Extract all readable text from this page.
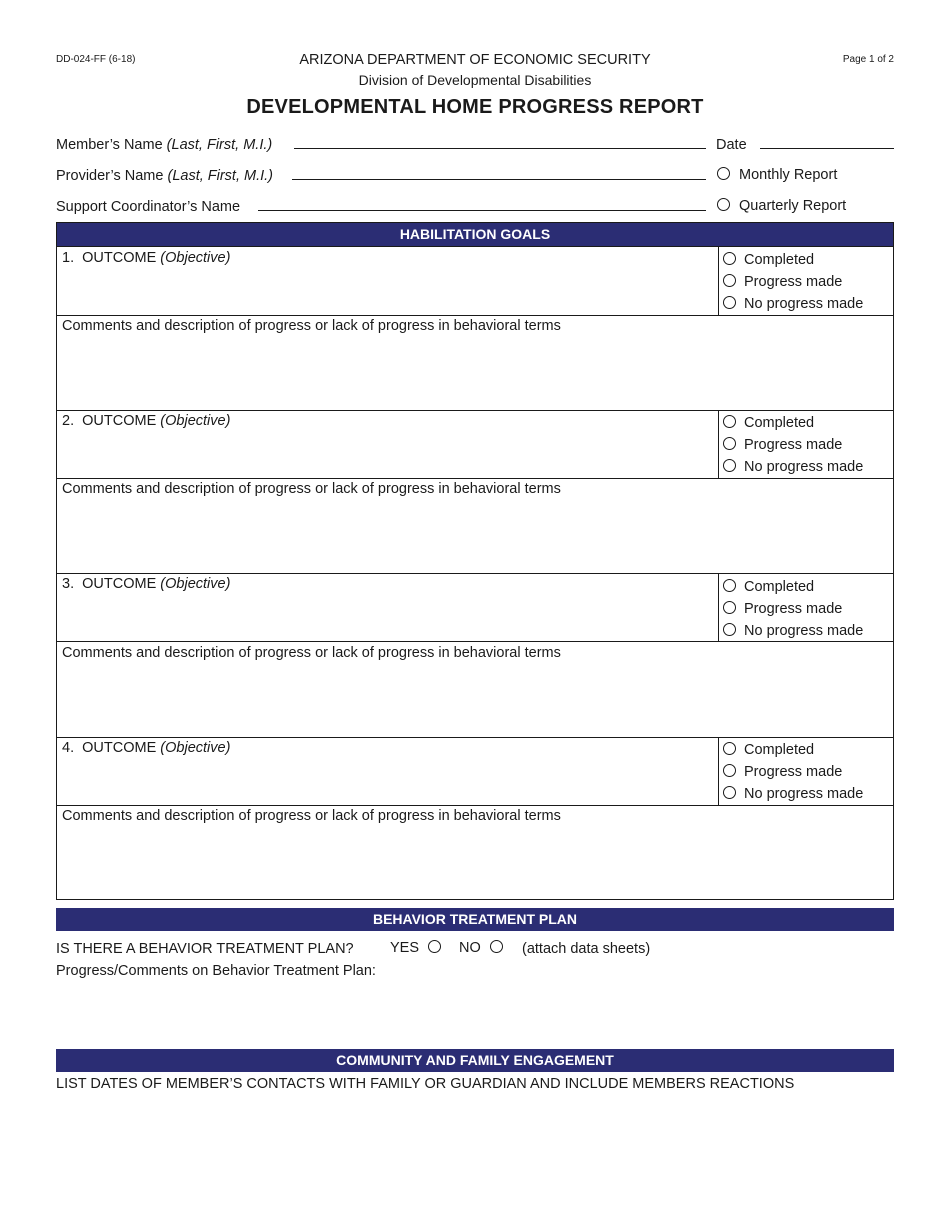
DD-024-FF (6-18)	Page 1 of 2
ARIZONA DEPARTMENT OF ECONOMIC SECURITY
Division of Developmental Disabilities
DEVELOPMENTAL HOME PROGRESS REPORT
Member’s Name (Last, First, M.I.)	Date
Provider’s Name (Last, First, M.I.)	Monthly Report
Support Coordinator’s Name	Quarterly Report
HABILITATION GOALS
1. OUTCOME (Objective)	Completed
Progress made
No progress made
Comments and description of progress or lack of progress in behavioral terms
2. OUTCOME (Objective)	Completed
Progress made
No progress made
Comments and description of progress or lack of progress in behavioral terms
3. OUTCOME (Objective)	Completed
Progress made
No progress made
Comments and description of progress or lack of progress in behavioral terms
4. OUTCOME (Objective)	Completed
Progress made
No progress made
Comments and description of progress or lack of progress in behavioral terms
BEHAVIOR TREATMENT PLAN
IS THERE A BEHAVIOR TREATMENT PLAN?	YES	NO	(attach data sheets)
Progress/Comments on Behavior Treatment Plan:
COMMUNITY AND FAMILY ENGAGEMENT
LIST DATES OF MEMBER’S CONTACTS WITH FAMILY OR GUARDIAN AND INCLUDE MEMBERS REACTIONS
